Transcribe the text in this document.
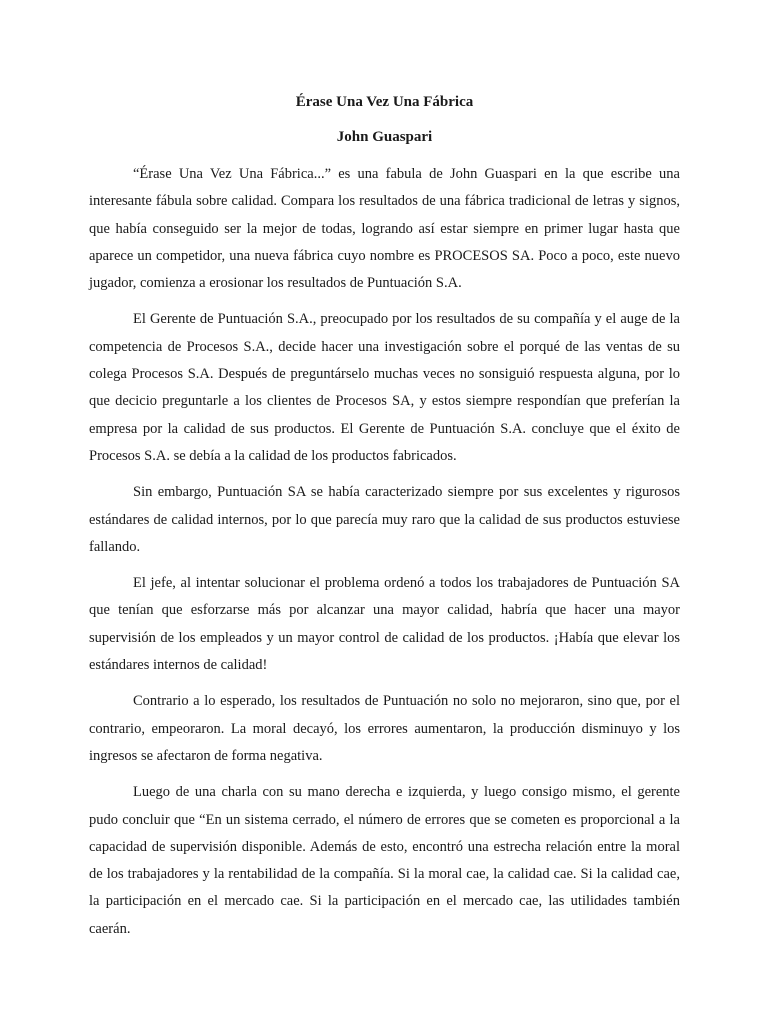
Érase Una Vez Una Fábrica
John Guaspari

“Érase Una Vez Una Fábrica...” es una fabula de John Guaspari en la que escribe una interesante fábula sobre calidad. Compara los resultados de una fábrica tradicional de letras y signos, que había conseguido ser la mejor de todas, logrando así estar siempre en primer lugar hasta que aparece un competidor, una nueva fábrica cuyo nombre es PROCESOS SA. Poco a poco, este nuevo jugador, comienza a erosionar los resultados de Puntuación S.A.

El Gerente de Puntuación S.A., preocupado por los resultados de su compañía y el auge de la competencia de Procesos S.A., decide hacer una investigación sobre el porqué de las ventas de su colega Procesos S.A. Después de preguntárselo muchas veces no sonsiguió respuesta alguna, por lo que decicio preguntarle a los clientes de Procesos SA, y estos siempre respondían que preferían la empresa por la calidad de sus productos. El Gerente de Puntuación S.A. concluye que el éxito de Procesos S.A. se debía a la calidad de los productos fabricados.

Sin embargo, Puntuación SA se había caracterizado siempre por sus excelentes y rigurosos estándares de calidad internos, por lo que parecía muy raro que la calidad de sus productos estuviese fallando.

El jefe, al intentar solucionar el problema ordenó a todos los trabajadores de Puntuación SA que tenían que esforzarse más por alcanzar una mayor calidad, habría que hacer una mayor supervisión de los empleados y un mayor control de calidad de los productos. ¡Había que elevar los estándares internos de calidad!

Contrario a lo esperado, los resultados de Puntuación no solo no mejoraron, sino que, por el contrario, empeoraron. La moral decayó, los errores aumentaron, la producción disminuyo y los ingresos se afectaron de forma negativa.

Luego de una charla con su mano derecha e izquierda, y luego consigo mismo, el gerente pudo concluir que “En un sistema cerrado, el número de errores que se cometen es proporcional a la capacidad de supervisión disponible. Además de esto, encontró una estrecha relación entre la moral de los trabajadores y la rentabilidad de la compañía. Si la moral cae, la calidad cae. Si la calidad cae, la participación en el mercado cae. Si la participación en el mercado cae, las utilidades también caerán.
